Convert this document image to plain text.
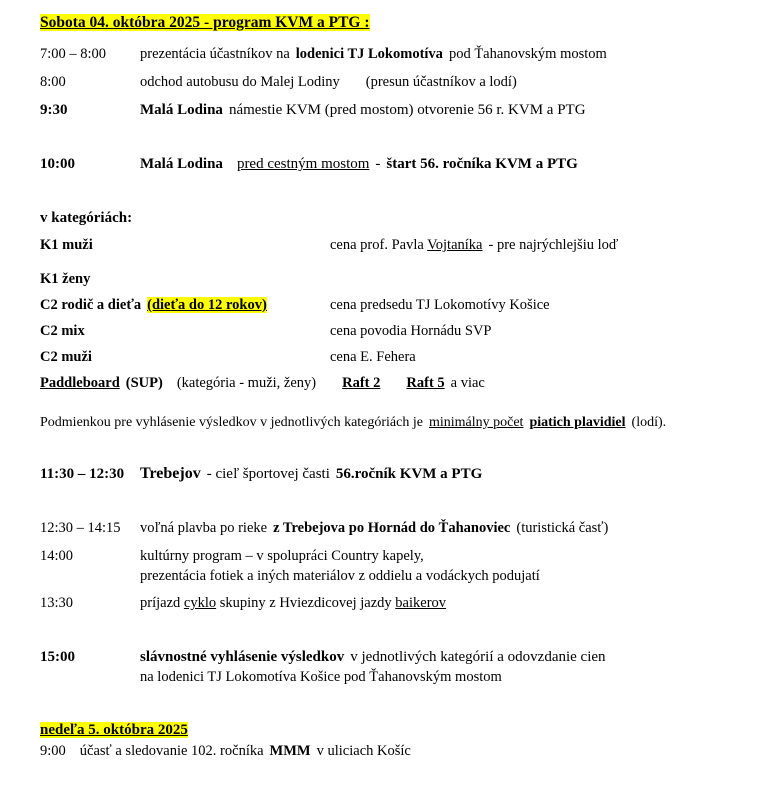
Sobota 04. októbra 2025 - program KVM a PTG :
7:00 – 8:00	prezentácia účastníkov na lodenici TJ Lokomotíva pod Ťahanovským mostom
8:00	odchod autobusu do Malej Lodiny (presun účastníkov a lodí)
9:30	Malá Lodina námestie KVM (pred mostom) otvorenie 56 r. KVM a PTG
10:00	Malá Lodina pred cestným mostom - štart 56. ročníka KVM a PTG
v kategóriách:
K1 muži	cena prof. Pavla Vojtaníka - pre najrýchlejšiu loď
K1 ženy
C2 rodič a dieťa (dieťa do 12 rokov)	cena predsedu TJ Lokomotívy Košice
C2 mix	cena povodia Hornádu SVP
C2 muži	cena E. Fehera
Paddleboard (SUP) (kategória - muži, ženy) Raft 2 Raft 5 a viac
Podmienkou pre vyhlásenie výsledkov v jednotlivých kategóriách je minimálny počet piatich plavidiel (lodí).
11:30 – 12:30 Trebejov - cieľ športovej časti 56.ročník KVM a PTG
12:30 – 14:15	voľná plavba po rieke z Trebejova po Hornád do Ťahanoviec (turistická časť)
14:00	kultúrny program – v spolupráci Country kapely,
prezentácia fotiek a iných materiálov z oddielu a vodáckych podujatí
13:30	príjazd cyklo skupiny z Hviezdicovej jazdy baikerov
15:00	slávnostné vyhlásenie výsledkov v jednotlivých kategórií a odovzdanie cien
na lodenici TJ Lokomotíva Košice pod Ťahanovským mostom
nedeľa 5. októbra 2025
9:00 účasť a sledovanie 102. ročníka MMM v uliciach Košíc
